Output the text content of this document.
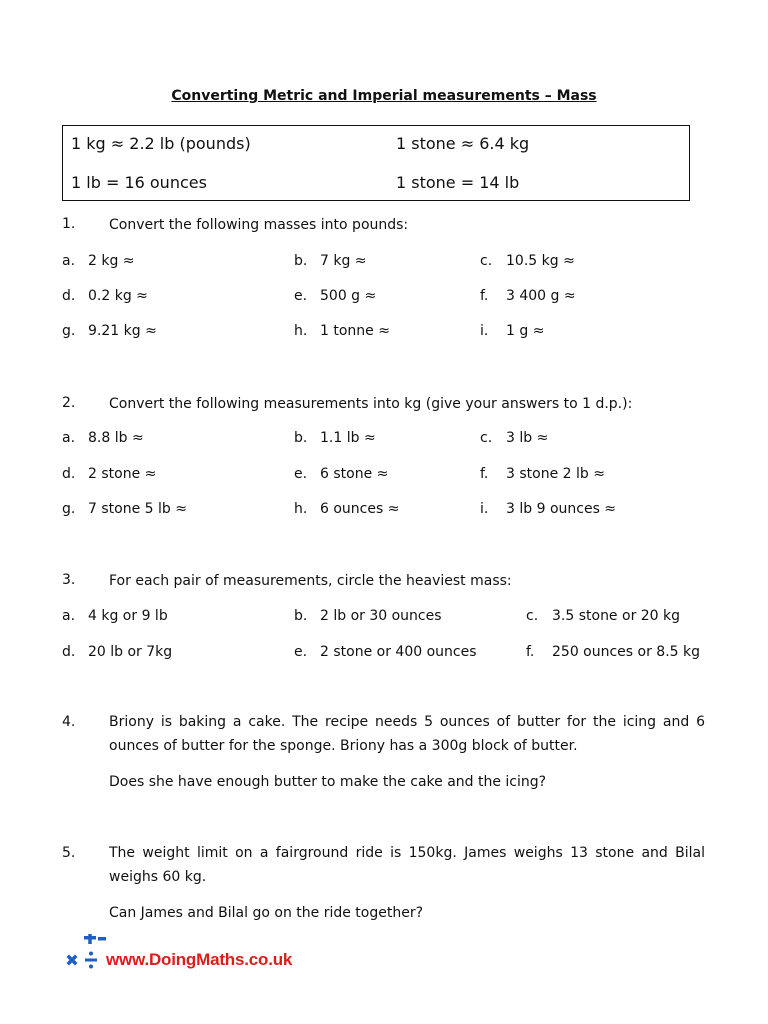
Converting Metric and Imperial measurements – Mass
1 kg ≈ 2.2 lb (pounds)	1 stone ≈ 6.4 kg
1 lb = 16 ounces	1 stone = 14 lb
1. Convert the following masses into pounds:
a. 2 kg ≈	b. 7 kg ≈	c. 10.5 kg ≈
d. 0.2 kg ≈	e. 500 g ≈	f. 3 400 g ≈
g. 9.21 kg ≈	h. 1 tonne ≈	i. 1 g ≈
2. Convert the following measurements into kg (give your answers to 1 d.p.):
a. 8.8 lb ≈	b. 1.1 lb ≈	c. 3 lb ≈
d. 2 stone ≈	e. 6 stone ≈	f. 3 stone 2 lb ≈
g. 7 stone 5 lb ≈	h. 6 ounces ≈	i. 3 lb 9 ounces ≈
3. For each pair of measurements, circle the heaviest mass:
a. 4 kg or 9 lb	b. 2 lb or 30 ounces	c. 3.5 stone or 20 kg
d. 20 lb or 7kg	e. 2 stone or 400 ounces	f. 250 ounces or 8.5 kg
4. Briony is baking a cake. The recipe needs 5 ounces of butter for the icing and 6 ounces of butter for the sponge. Briony has a 300g block of butter.
Does she have enough butter to make the cake and the icing?
5. The weight limit on a fairground ride is 150kg. James weighs 13 stone and Bilal weighs 60 kg.
Can James and Bilal go on the ride together?
www.DoingMaths.co.uk
